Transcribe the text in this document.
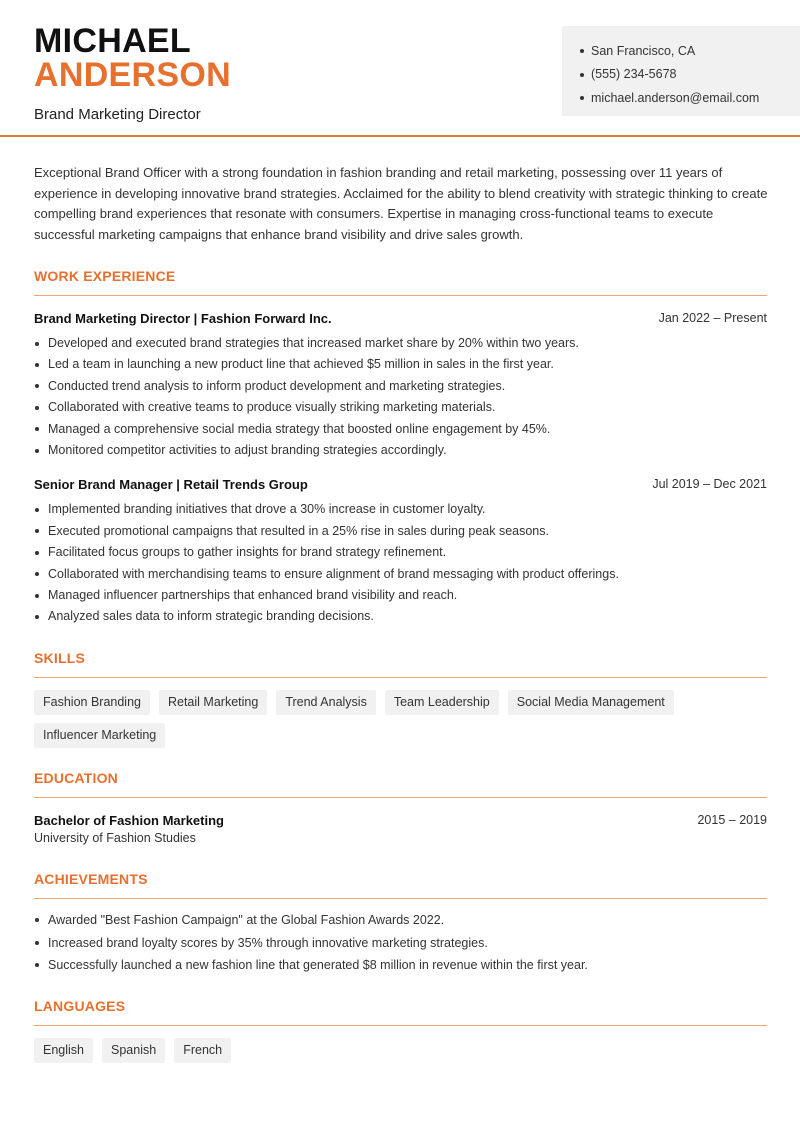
MICHAEL
ANDERSON
Brand Marketing Director
San Francisco, CA
(555) 234-5678
michael.anderson@email.com
Exceptional Brand Officer with a strong foundation in fashion branding and retail marketing, possessing over 11 years of experience in developing innovative brand strategies. Acclaimed for the ability to blend creativity with strategic thinking to create compelling brand experiences that resonate with consumers. Expertise in managing cross-functional teams to execute successful marketing campaigns that enhance brand visibility and drive sales growth.
WORK EXPERIENCE
Brand Marketing Director | Fashion Forward Inc.	Jan 2022 – Present
Developed and executed brand strategies that increased market share by 20% within two years.
Led a team in launching a new product line that achieved $5 million in sales in the first year.
Conducted trend analysis to inform product development and marketing strategies.
Collaborated with creative teams to produce visually striking marketing materials.
Managed a comprehensive social media strategy that boosted online engagement by 45%.
Monitored competitor activities to adjust branding strategies accordingly.
Senior Brand Manager | Retail Trends Group	Jul 2019 – Dec 2021
Implemented branding initiatives that drove a 30% increase in customer loyalty.
Executed promotional campaigns that resulted in a 25% rise in sales during peak seasons.
Facilitated focus groups to gather insights for brand strategy refinement.
Collaborated with merchandising teams to ensure alignment of brand messaging with product offerings.
Managed influencer partnerships that enhanced brand visibility and reach.
Analyzed sales data to inform strategic branding decisions.
SKILLS
Fashion Branding	Retail Marketing	Trend Analysis	Team Leadership	Social Media Management
Influencer Marketing
EDUCATION
Bachelor of Fashion Marketing	2015 – 2019
University of Fashion Studies
ACHIEVEMENTS
Awarded "Best Fashion Campaign" at the Global Fashion Awards 2022.
Increased brand loyalty scores by 35% through innovative marketing strategies.
Successfully launched a new fashion line that generated $8 million in revenue within the first year.
LANGUAGES
English	Spanish	French
